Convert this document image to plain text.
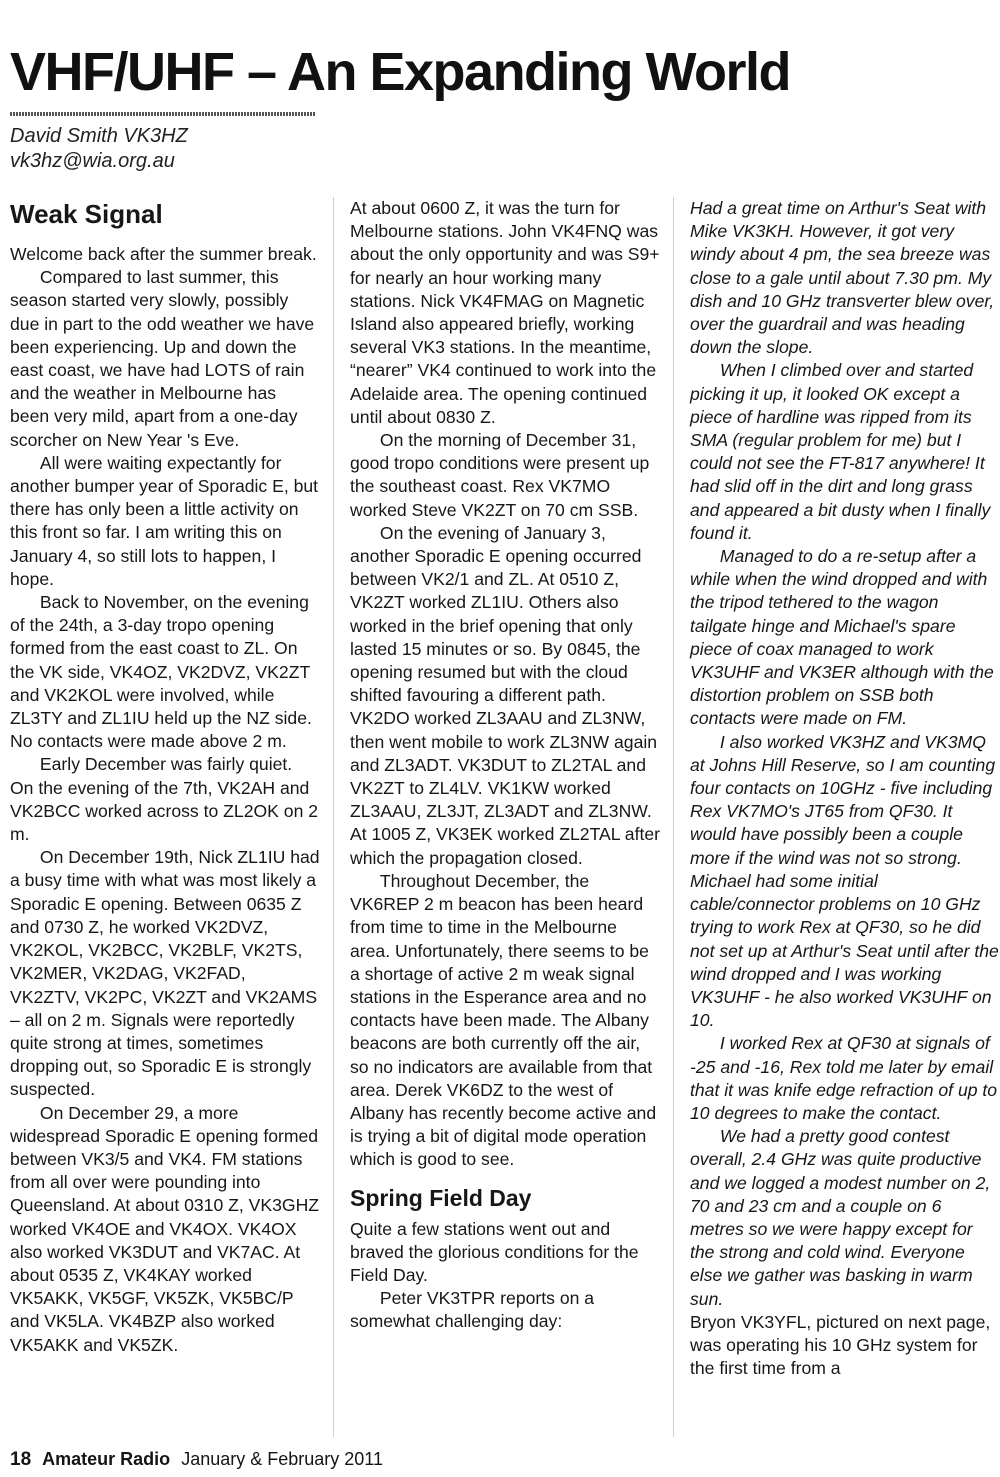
VHF/UHF – An Expanding World
David Smith VK3HZ
vk3hz@wia.org.au
Weak Signal

Welcome back after the summer break.

Compared to last summer, this season started very slowly, possibly due in part to the odd weather we have been experiencing. Up and down the east coast, we have had LOTS of rain and the weather in Melbourne has been very mild, apart from a one-day scorcher on New Year 's Eve.

All were waiting expectantly for another bumper year of Sporadic E, but there has only been a little activity on this front so far. I am writing this on January 4, so still lots to happen, I hope.

Back to November, on the evening of the 24th, a 3-day tropo opening formed from the east coast to ZL. On the VK side, VK4OZ, VK2DVZ, VK2ZT and VK2KOL were involved, while ZL3TY and ZL1IU held up the NZ side. No contacts were made above 2 m.

Early December was fairly quiet. On the evening of the 7th, VK2AH and VK2BCC worked across to ZL2OK on 2 m.

On December 19th, Nick ZL1IU had a busy time with what was most likely a Sporadic E opening. Between 0635 Z and 0730 Z, he worked VK2DVZ, VK2KOL, VK2BCC, VK2BLF, VK2TS, VK2MER, VK2DAG, VK2FAD, VK2ZTV, VK2PC, VK2ZT and VK2AMS – all on 2 m. Signals were reportedly quite strong at times, sometimes dropping out, so Sporadic E is strongly suspected.

On December 29, a more widespread Sporadic E opening formed between VK3/5 and VK4. FM stations from all over were pounding into Queensland. At about 0310 Z, VK3GHZ worked VK4OE and VK4OX. VK4OX also worked VK3DUT and VK7AC. At about 0535 Z, VK4KAY worked VK5AKK, VK5GF, VK5ZK, VK5BC/P and VK5LA. VK4BZP also worked VK5AKK and VK5ZK.

At about 0600 Z, it was the turn for Melbourne stations. John VK4FNQ was about the only opportunity and was S9+ for nearly an hour working many stations. Nick VK4FMAG on Magnetic Island also appeared briefly, working several VK3 stations. In the meantime, “nearer” VK4 continued to work into the Adelaide area. The opening continued until about 0830 Z.

On the morning of December 31, good tropo conditions were present up the southeast coast. Rex VK7MO worked Steve VK2ZT on 70 cm SSB.

On the evening of January 3, another Sporadic E opening occurred between VK2/1 and ZL. At 0510 Z, VK2ZT worked ZL1IU. Others also worked in the brief opening that only lasted 15 minutes or so. By 0845, the opening resumed but with the cloud shifted favouring a different path. VK2DO worked ZL3AAU and ZL3NW, then went mobile to work ZL3NW again and ZL3ADT. VK3DUT to ZL2TAL and VK2ZT to ZL4LV. VK1KW worked ZL3AAU, ZL3JT, ZL3ADT and ZL3NW. At 1005 Z, VK3EK worked ZL2TAL after which the propagation closed.

Throughout December, the VK6REP 2 m beacon has been heard from time to time in the Melbourne area. Unfortunately, there seems to be a shortage of active 2 m weak signal stations in the Esperance area and no contacts have been made. The Albany beacons are both currently off the air, so no indicators are available from that area. Derek VK6DZ to the west of Albany has recently become active and is trying a bit of digital mode operation which is good to see.

Spring Field Day

Quite a few stations went out and braved the glorious conditions for the Field Day.

Peter VK3TPR reports on a somewhat challenging day:

Had a great time on Arthur's Seat with Mike VK3KH. However, it got very windy about 4 pm, the sea breeze was close to a gale until about 7.30 pm. My dish and 10 GHz transverter blew over, over the guardrail and was heading down the slope.

When I climbed over and started picking it up, it looked OK except a piece of hardline was ripped from its SMA (regular problem for me) but I could not see the FT-817 anywhere! It had slid off in the dirt and long grass and appeared a bit dusty when I finally found it.

Managed to do a re-setup after a while when the wind dropped and with the tripod tethered to the wagon tailgate hinge and Michael's spare piece of coax managed to work VK3UHF and VK3ER although with the distortion problem on SSB both contacts were made on FM.

I also worked VK3HZ and VK3MQ at Johns Hill Reserve, so I am counting four contacts on 10GHz - five including Rex VK7MO's JT65 from QF30. It would have possibly been a couple more if the wind was not so strong. Michael had some initial cable/connector problems on 10 GHz trying to work Rex at QF30, so he did not set up at Arthur's Seat until after the wind dropped and I was working VK3UHF - he also worked VK3UHF on 10.

I worked Rex at QF30 at signals of -25 and -16, Rex told me later by email that it was knife edge refraction of up to 10 degrees to make the contact.

We had a pretty good contest overall, 2.4 GHz was quite productive and we logged a modest number on 2, 70 and 23 cm and a couple on 6 metres so we were happy except for the strong and cold wind. Everyone else we gather was basking in warm sun.

Bryon VK3YFL, pictured on next page, was operating his 10 GHz system for the first time from a

18 Amateur Radio January & February 2011
